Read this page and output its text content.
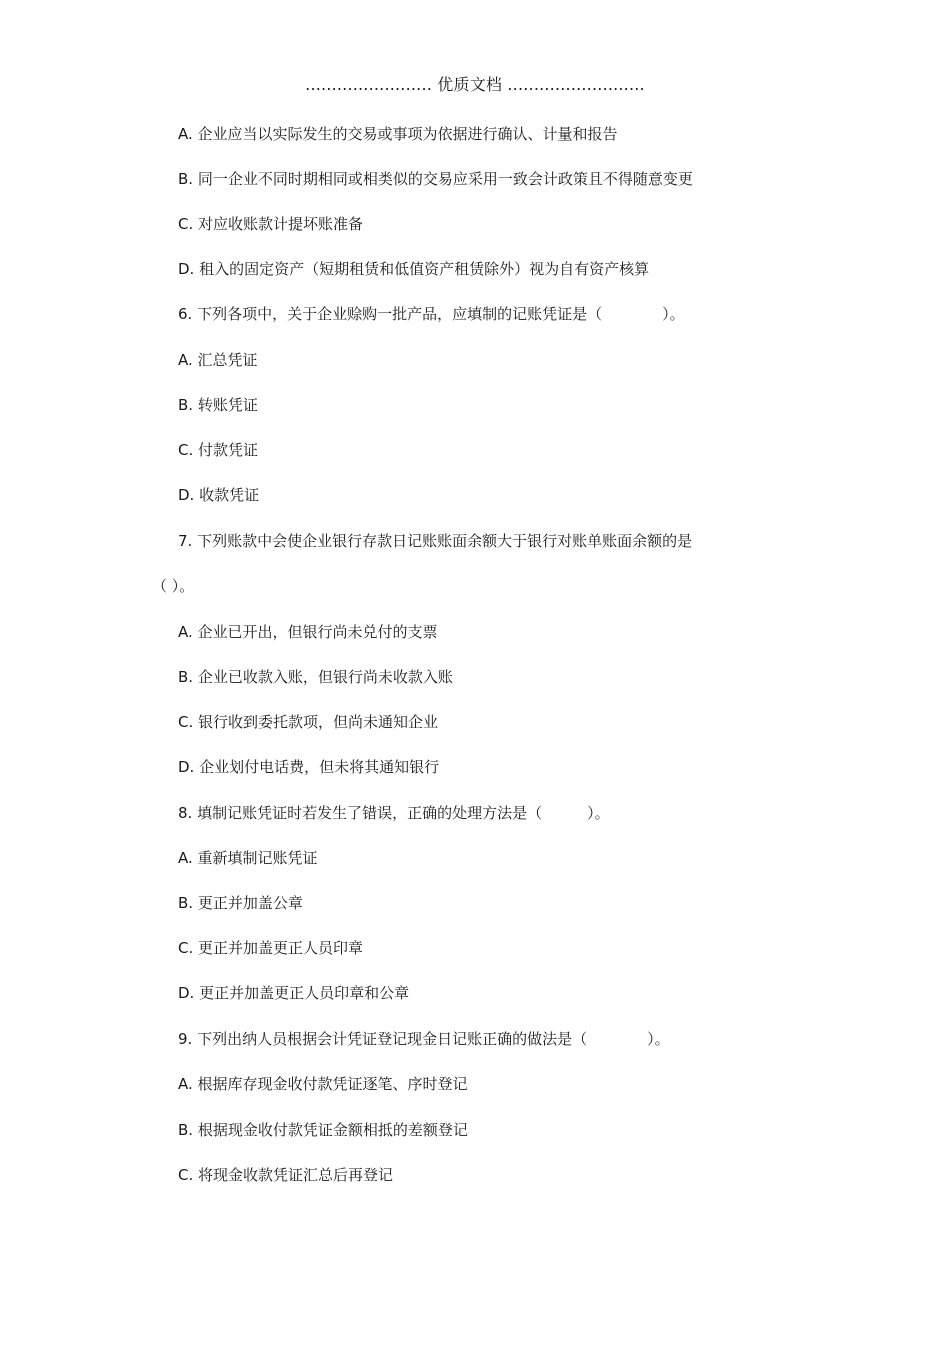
........................ 优质文档 ..........................
A. 企业应当以实际发生的交易或事项为依据进行确认、计量和报告
B. 同一企业不同时期相同或相类似的交易应采用一致会计政策且不得随意变更
C. 对应收账款计提坏账准备
D. 租入的固定资产（短期租赁和低值资产租赁除外）视为自有资产核算
6. 下列各项中，关于企业赊购一批产品，应填制的记账凭证是（　　　　）。
A. 汇总凭证
B. 转账凭证
C. 付款凭证
D. 收款凭证
7. 下列账款中会使企业银行存款日记账账面余额大于银行对账单账面余额的是
（ ）。
A. 企业已开出，但银行尚未兑付的支票
B. 企业已收款入账，但银行尚未收款入账
C. 银行收到委托款项，但尚未通知企业
D. 企业划付电话费，但未将其通知银行
8. 填制记账凭证时若发生了错误，正确的处理方法是（　　　）。
A. 重新填制记账凭证
B. 更正并加盖公章
C. 更正并加盖更正人员印章
D. 更正并加盖更正人员印章和公章
9. 下列出纳人员根据会计凭证登记现金日记账正确的做法是（　　　　）。
A. 根据库存现金收付款凭证逐笔、序时登记
B. 根据现金收付款凭证金额相抵的差额登记
C. 将现金收款凭证汇总后再登记
